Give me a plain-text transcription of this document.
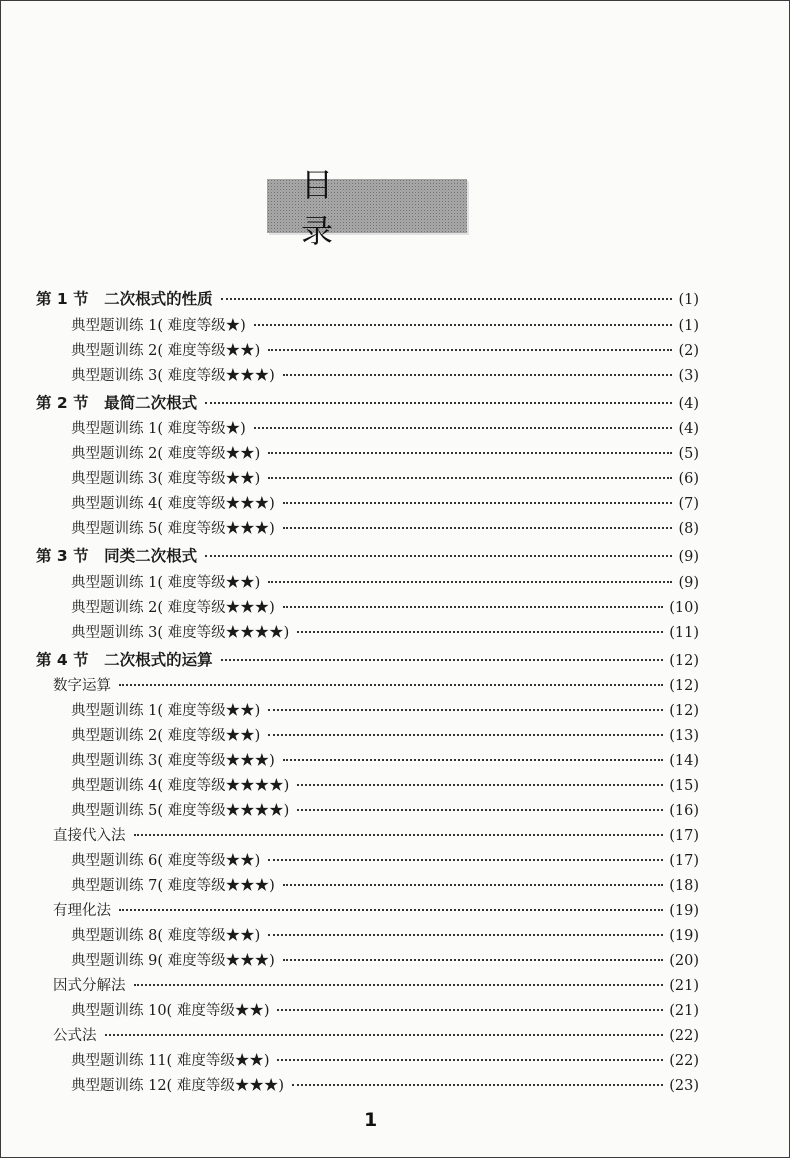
目 录
第 1 节　二次根式的性质	(1)
典型题训练 1( 难度等级★)	(1)
典型题训练 2( 难度等级★★)	(2)
典型题训练 3( 难度等级★★★)	(3)
第 2 节　最简二次根式	(4)
典型题训练 1( 难度等级★)	(4)
典型题训练 2( 难度等级★★)	(5)
典型题训练 3( 难度等级★★)	(6)
典型题训练 4( 难度等级★★★)	(7)
典型题训练 5( 难度等级★★★)	(8)
第 3 节　同类二次根式	(9)
典型题训练 1( 难度等级★★)	(9)
典型题训练 2( 难度等级★★★)	(10)
典型题训练 3( 难度等级★★★★)	(11)
第 4 节　二次根式的运算	(12)
数字运算	(12)
典型题训练 1( 难度等级★★)	(12)
典型题训练 2( 难度等级★★)	(13)
典型题训练 3( 难度等级★★★)	(14)
典型题训练 4( 难度等级★★★★)	(15)
典型题训练 5( 难度等级★★★★)	(16)
直接代入法	(17)
典型题训练 6( 难度等级★★)	(17)
典型题训练 7( 难度等级★★★)	(18)
有理化法	(19)
典型题训练 8( 难度等级★★)	(19)
典型题训练 9( 难度等级★★★)	(20)
因式分解法	(21)
典型题训练 10( 难度等级★★)	(21)
公式法	(22)
典型题训练 11( 难度等级★★)	(22)
典型题训练 12( 难度等级★★★)	(23)
1
